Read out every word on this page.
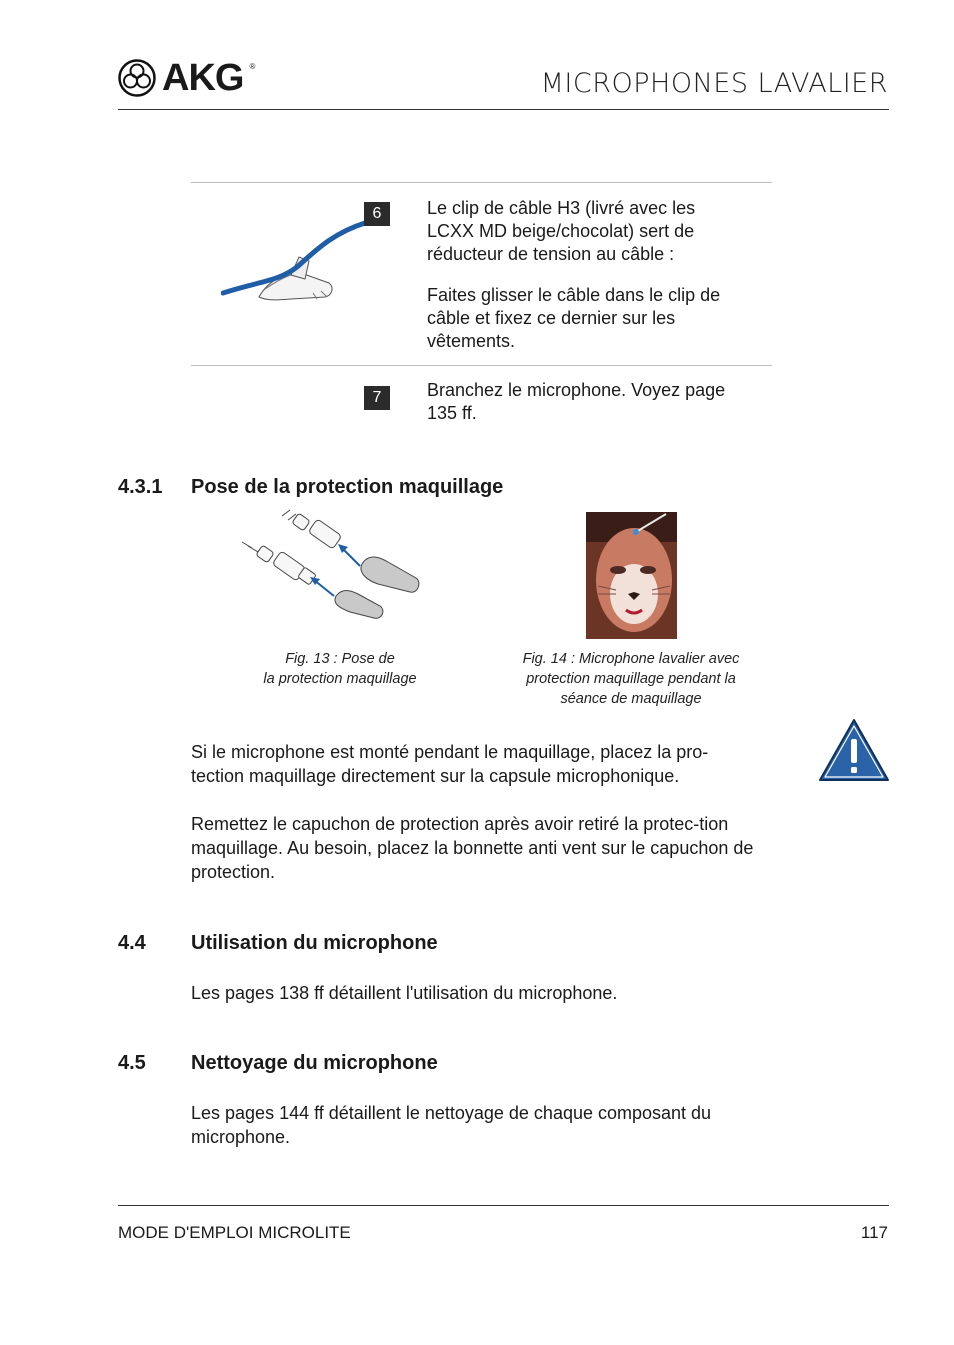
AKG ®
MICROPHONES LAVALIER
6	Le clip de câble H3 (livré avec les LCXX MD beige/chocolat) sert de réducteur de tension au câble :

Faites glisser le câble dans le clip de câble et fixez ce dernier sur les vêtements.

7	Branchez le microphone. Voyez page 135 ff.

4.3.1 Pose de la protection maquillage
Fig. 13 : Pose de
la protection maquillage
Fig. 14 : Microphone lavalier avec
protection maquillage pendant la
séance de maquillage

Si le microphone est monté pendant le maquillage, placez la pro-tection maquillage directement sur la capsule microphonique.

Remettez le capuchon de protection après avoir retiré la protec-tion maquillage. Au besoin, placez la bonnette anti vent sur le capuchon de protection.

4.4 Utilisation du microphone

Les pages 138 ff détaillent l'utilisation du microphone.

4.5 Nettoyage du microphone

Les pages 144 ff détaillent le nettoyage de chaque composant du microphone.

MODE D'EMPLOI MICROLITE	117
